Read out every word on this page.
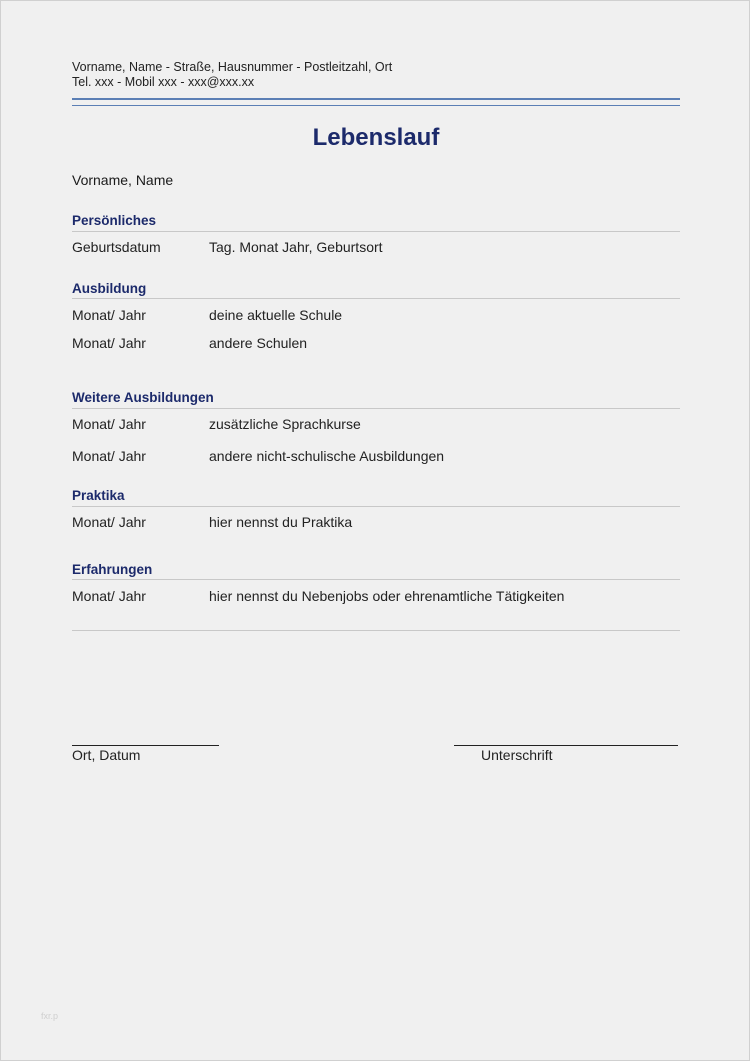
Vorname, Name - Straße, Hausnummer - Postleitzahl, Ort
Tel. xxx - Mobil xxx - xxx@xxx.xx
Lebenslauf
Vorname, Name
Persönliches
Geburtsdatum	Tag. Monat Jahr, Geburtsort
Ausbildung
Monat/ Jahr	deine aktuelle Schule
Monat/ Jahr	andere Schulen
Weitere Ausbildungen
Monat/ Jahr	zusätzliche Sprachkurse
Monat/ Jahr	andere nicht-schulische Ausbildungen
Praktika
Monat/ Jahr	hier nennst du Praktika
Erfahrungen
Monat/ Jahr	hier nennst du Nebenjobs oder ehrenamtliche Tätigkeiten
Ort, Datum	Unterschrift
fxr.p
